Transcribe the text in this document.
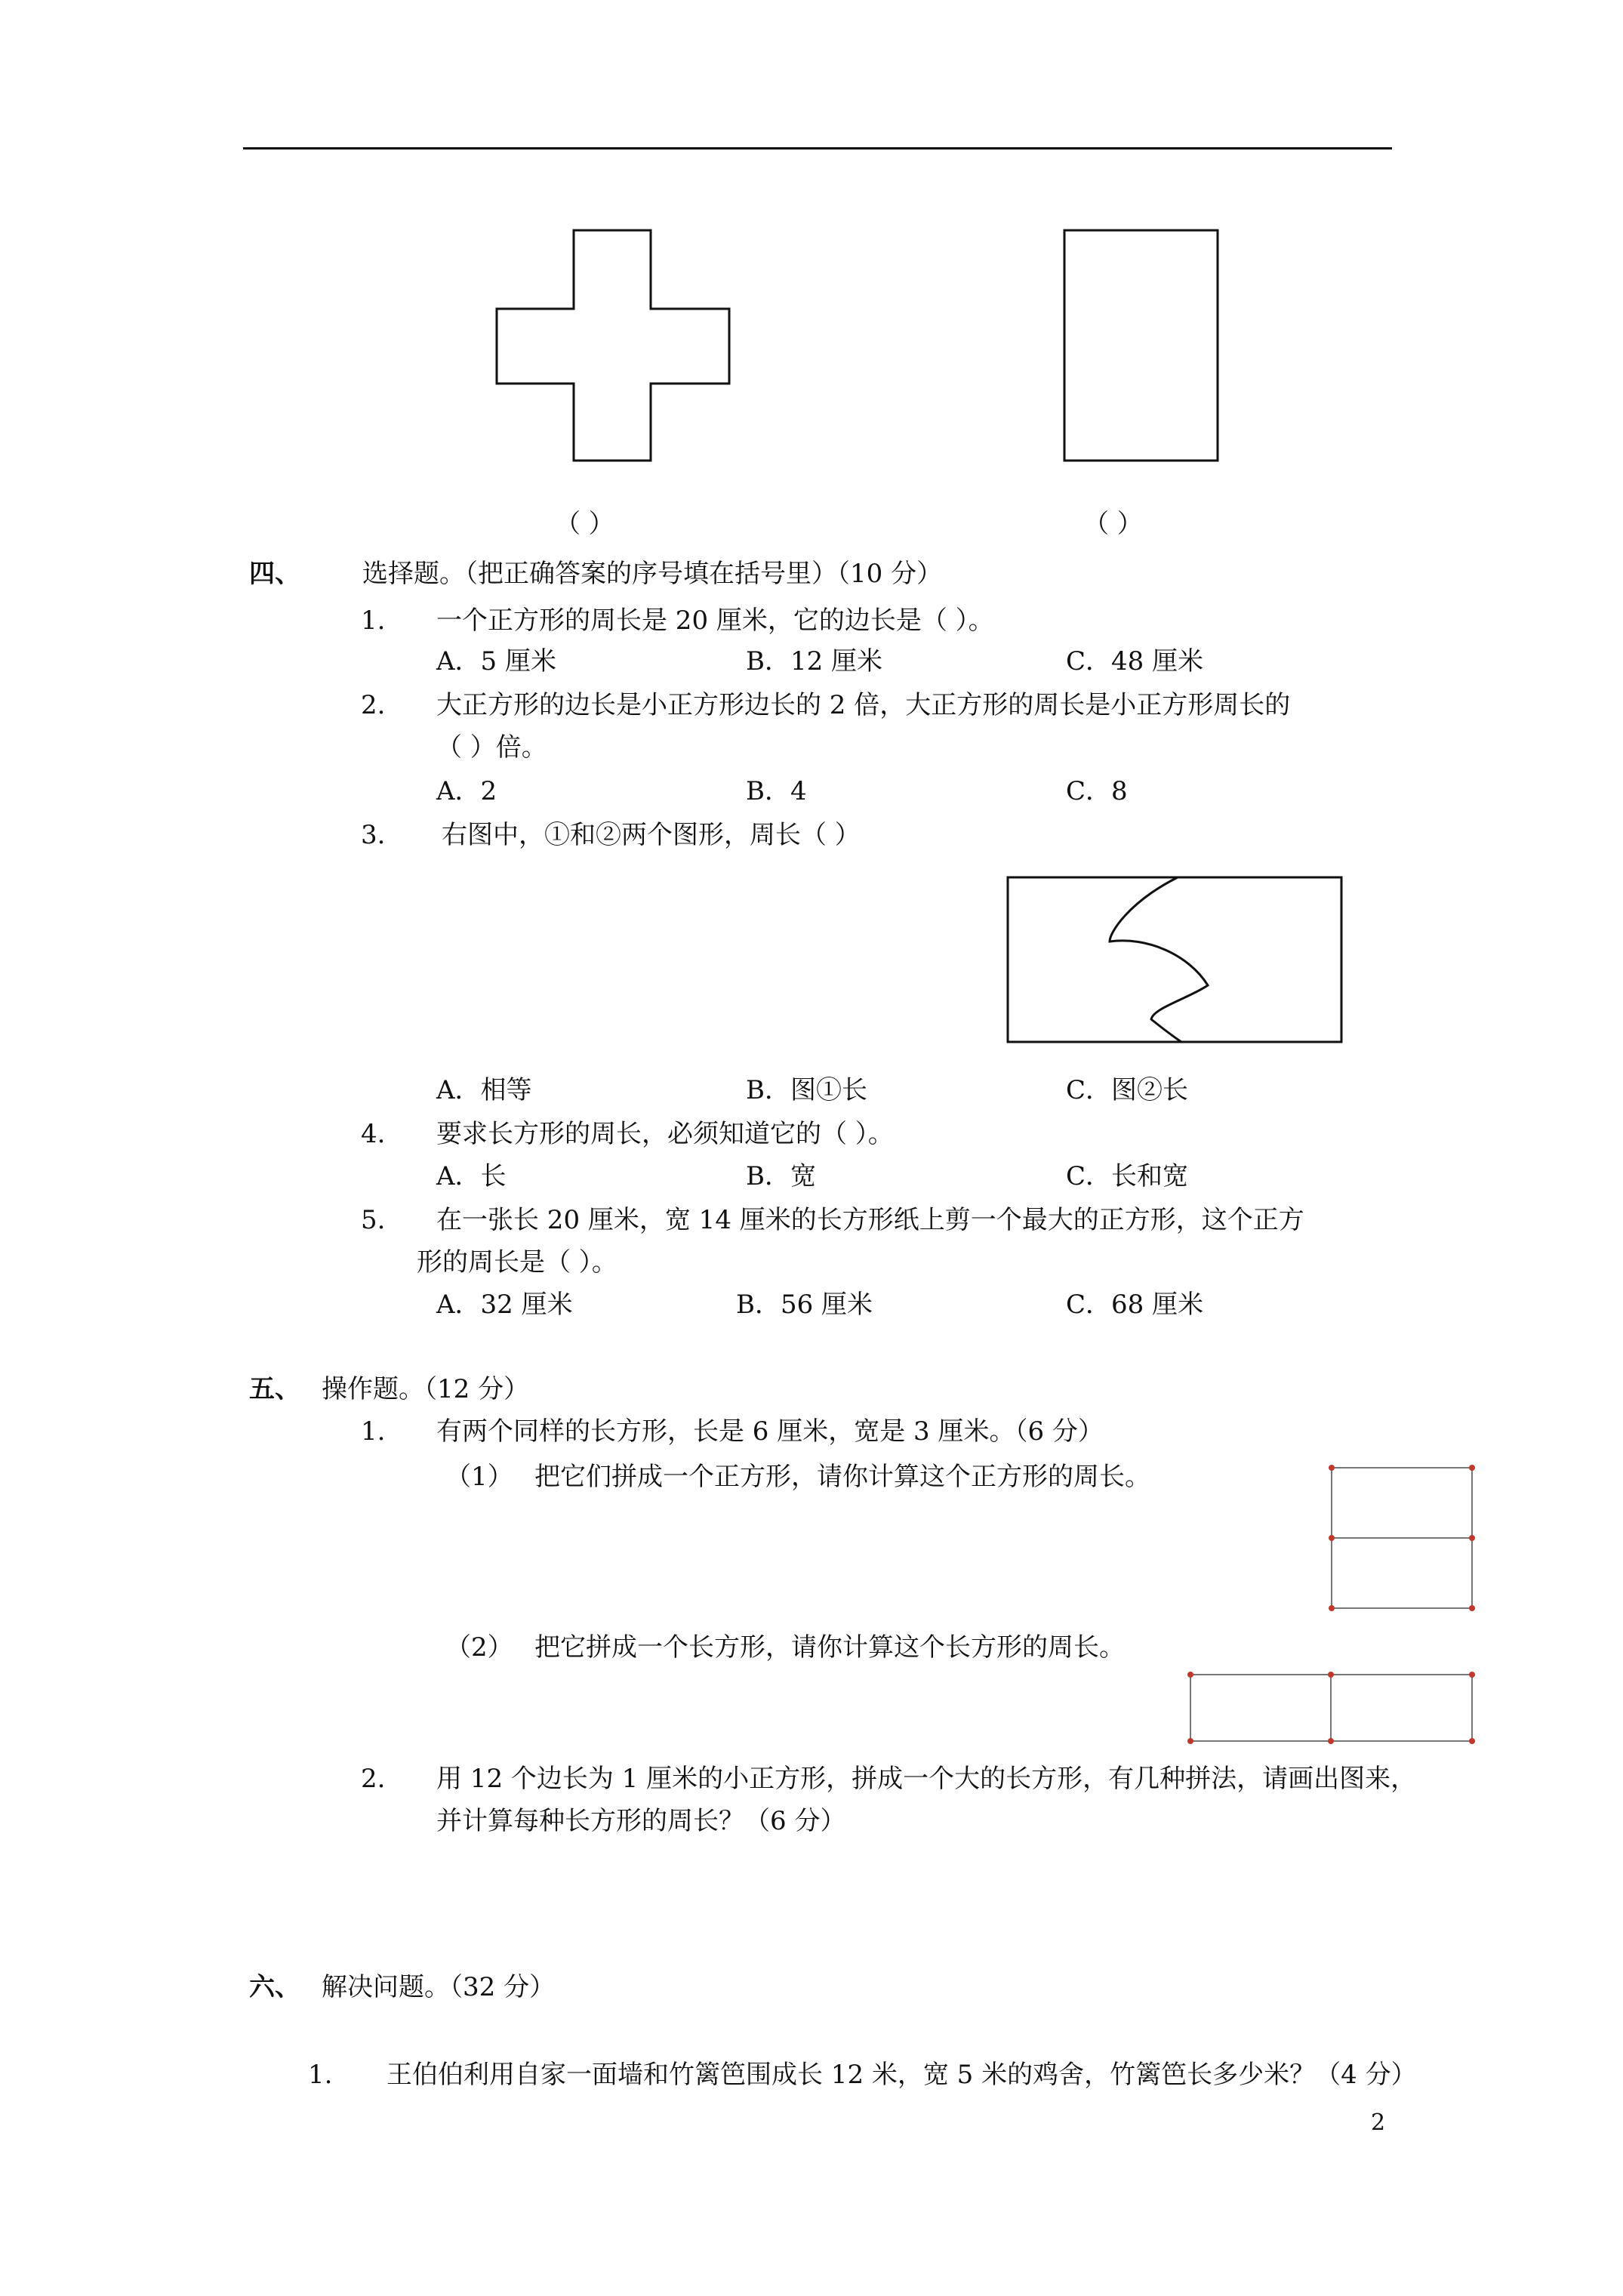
（ ）	（ ）
四、 选择题。（把正确答案的序号填在括号里）（10 分）
1. 一个正方形的周长是 20 厘米，它的边长是（ ）。
A．5 厘米	B．12 厘米	C．48 厘米
2. 大正方形的边长是小正方形边长的 2 倍，大正方形的周长是小正方形周长的
（ ）倍。
A．2	B．4	C．8
3. 右图中，①和②两个图形，周长（ ）
A．相等	B．图①长	C．图②长
4. 要求长方形的周长，必须知道它的（ ）。
A．长	B．宽	C．长和宽
5. 在一张长 20 厘米，宽 14 厘米的长方形纸上剪一个最大的正方形，这个正方
形的周长是（ ）。
A．32 厘米	B．56 厘米	C．68 厘米
五、 操作题。（12 分）
1. 有两个同样的长方形，长是 6 厘米，宽是 3 厘米。（6 分）
（1） 把它们拼成一个正方形，请你计算这个正方形的周长。
（2） 把它拼成一个长方形，请你计算这个长方形的周长。
2. 用 12 个边长为 1 厘米的小正方形，拼成一个大的长方形，有几种拼法，请画出图来，
并计算每种长方形的周长？（6 分）
六、 解决问题。（32 分）
1. 王伯伯利用自家一面墙和竹篱笆围成长 12 米，宽 5 米的鸡舍，竹篱笆长多少米？（4 分）
2
